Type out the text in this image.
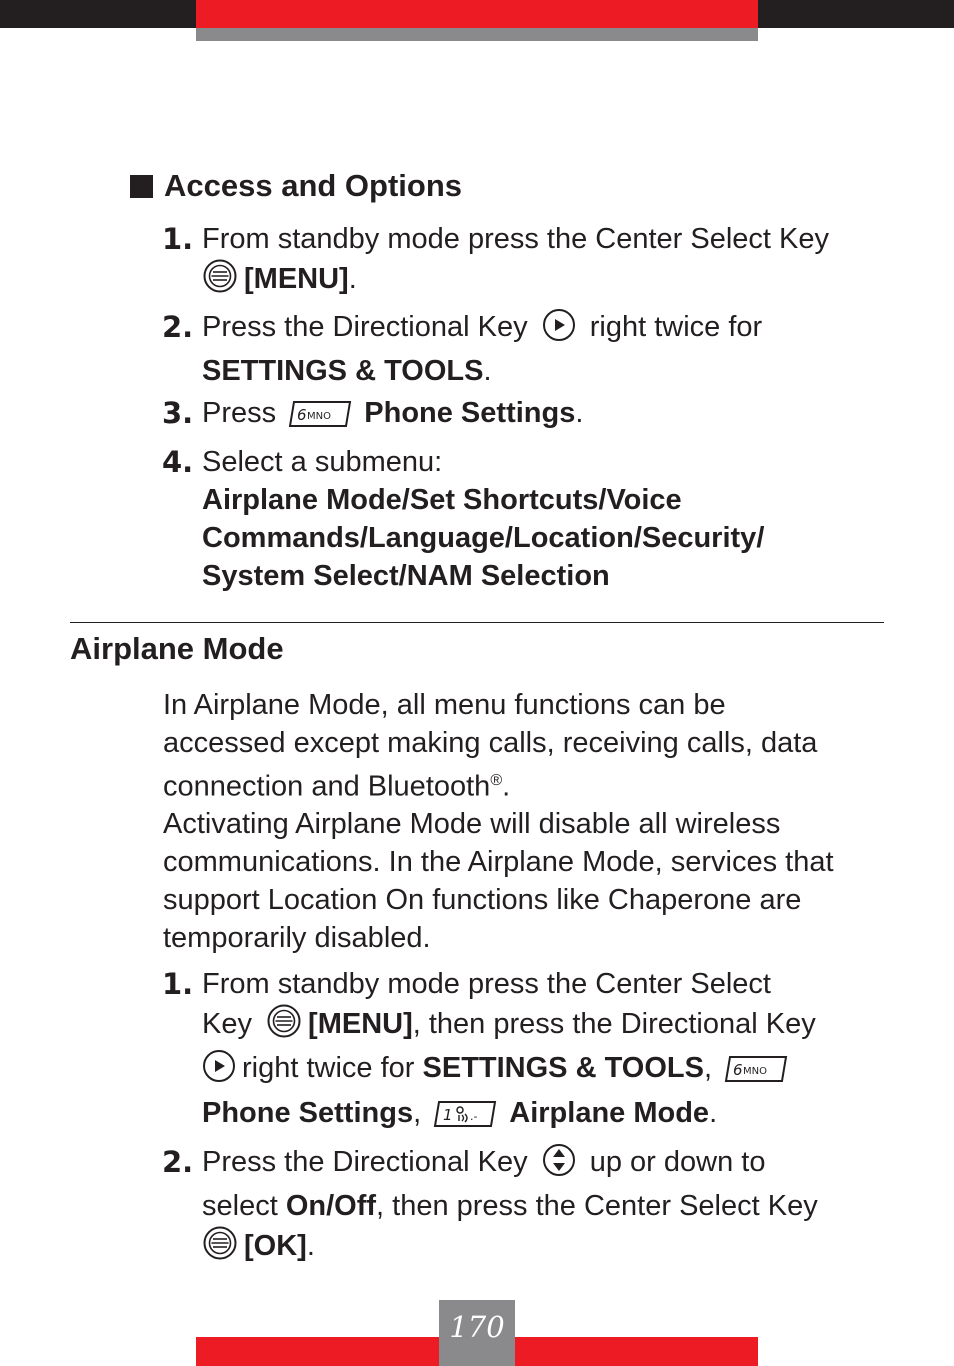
Access and Options
1. From standby mode press the Center Select Key
[MENU].
2. Press the Directional Key right twice for
SETTINGS & TOOLS.
3. Press 6 MNO Phone Settings.
4. Select a submenu:
Airplane Mode/Set Shortcuts/Voice
Commands/Language/Location/Security/
System Select/NAM Selection
Airplane Mode

In Airplane Mode, all menu functions can be
accessed except making calls, receiving calls, data
connection and Bluetooth®.

Activating Airplane Mode will disable all wireless
communications. In the Airplane Mode, services that
support Location On functions like Chaperone are
temporarily disabled.

1. From standby mode press the Center Select
Key [MENU], then press the Directional Key
right twice for SETTINGS & TOOLS, 6 MNO

Phone Settings, 1 .- Airplane Mode.
2. Press the Directional Key up or down to
select On/Off, then press the Center Select Key
[OK].
170
